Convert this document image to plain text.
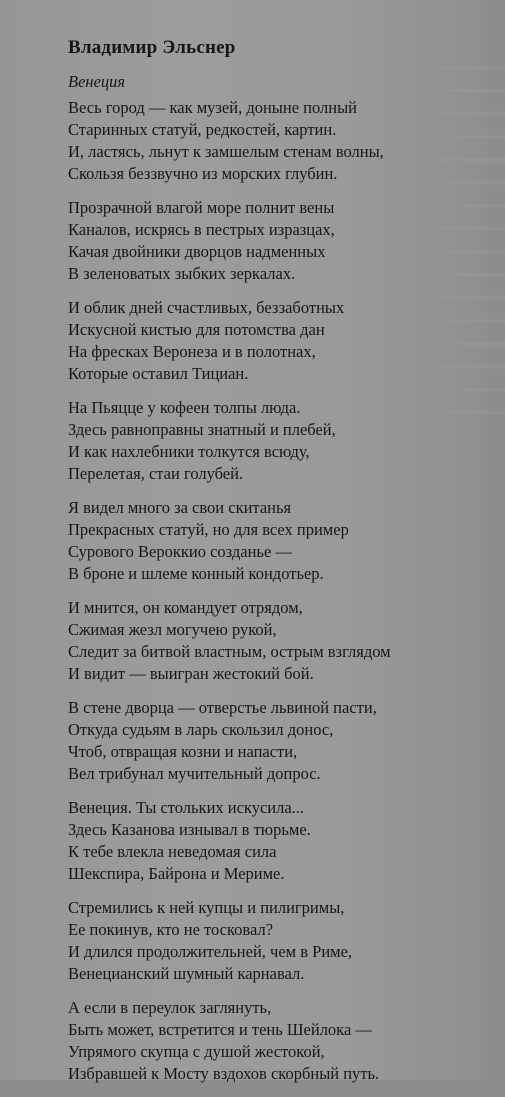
~~~~~~~~
~~~~~~~
~~~~~~~~
~~~~~~
~~~~~~~~
~~~~~~~
~~~~~
~~~~~~~~
~~~~~~~
~~~~~~
~~~~~~~~
~~~~~~~
~~~~~~
~~~~~~~~
~~~~~
~~~~~~~

Владимир Эльснер

Венеция

Весь город — как музей, доныне полный

Старинных статуй, редкостей, картин.

И, ластясь, льнут к замшелым стенам волны,

Скользя беззвучно из морских глубин.

Прозрачной влагой море полнит вены

Каналов, искрясь в пестрых изразцах,

Качая двойники дворцов надменных

В зеленоватых зыбких зеркалах.

И облик дней счастливых, беззаботных

Искусной кистью для потомства дан

На фресках Веронеза и в полотнах,

Которые оставил Тициан.

На Пьяцце у кофеен толпы люда.

Здесь равноправны знатный и плебей,

И как нахлебники толкутся всюду,

Перелетая, стаи голубей.

Я видел много за свои скитанья

Прекрасных статуй, но для всех пример

Сурового Вероккио созданье —

В броне и шлеме конный кондотьер.

И мнится, он командует отрядом,

Сжимая жезл могучею рукой,

Следит за битвой властным, острым взглядом

И видит — выигран жестокий бой.

В стене дворца — отверстье львиной пасти,

Откуда судьям в ларь скользил донос,

Чтоб, отвращая козни и напасти,

Вел трибунал мучительный допрос.

Венеция. Ты стольких искусила...

Здесь Казанова изнывал в тюрьме.

К тебе влекла неведомая сила

Шекспира, Байрона и Мериме.

Стремились к ней купцы и пилигримы,

Ее покинув, кто не тосковал?

И длился продолжительней, чем в Риме,

Венецианский шумный карнавал.

А если в переулок заглянуть,

Быть может, встретится и тень Шейлока —

Упрямого скупца с душой жестокой,

Избравшей к Мосту вздохов скорбный путь.
